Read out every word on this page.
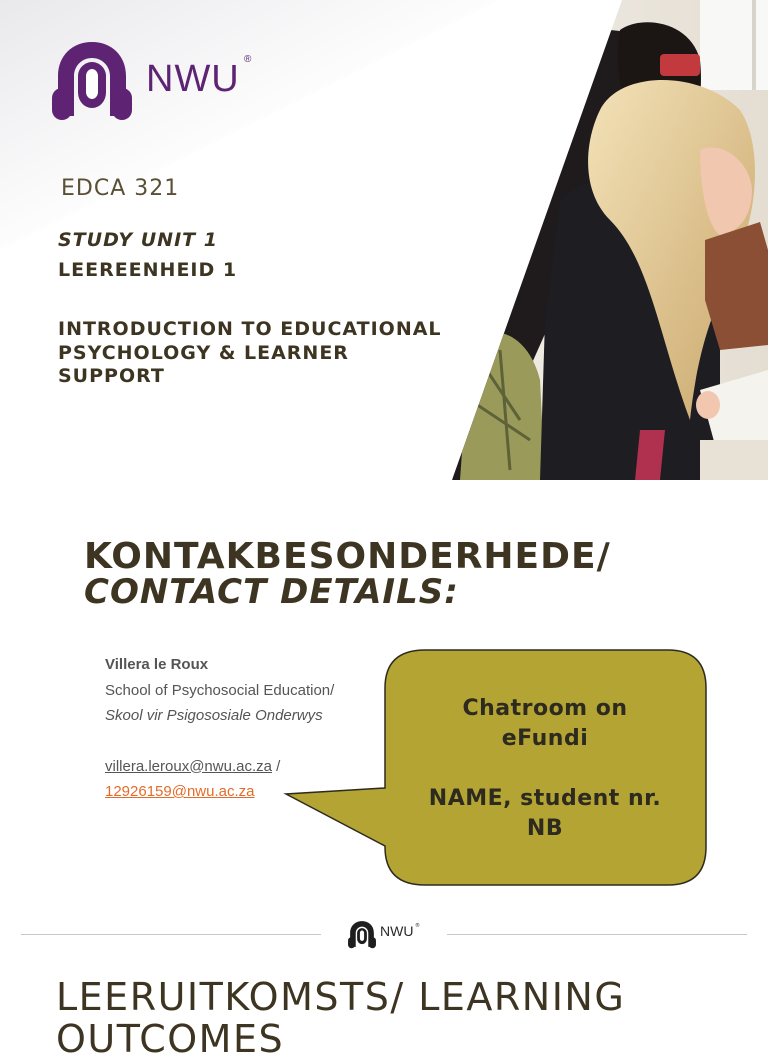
NWU ®
EDCA 321
STUDY UNIT 1
LEEREENHEID 1
INTRODUCTION TO EDUCATIONAL
PSYCHOLOGY & LEARNER
SUPPORT
KONTAKBESONDERHEDE/
CONTACT DETAILS:
Villera le Roux
School of Psychosocial Education/
Skool vir Psigososiale Onderwys
villera.leroux@nwu.ac.za /
12926159@nwu.ac.za
Chatroom on
eFundi
NAME, student nr.
NB
NWU ®
LEERUITKOMSTS/ LEARNING
OUTCOMES
